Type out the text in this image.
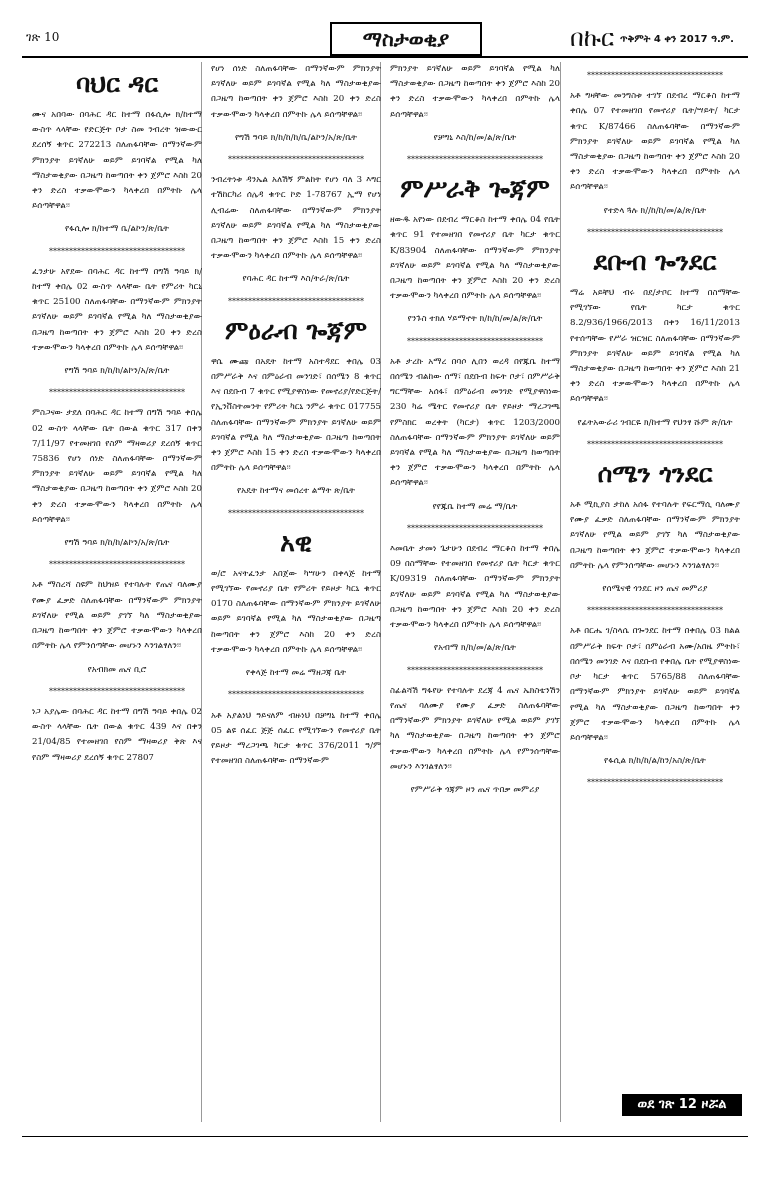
ገጽ 10	ማስታወቂያ	በኩር ጥቅምት 4 ቀን 2017 ዓ.ም.
ባህር ዳር

ሙና አበባው በባሕር ዳር ከተማ በፋሲሎ ክ/ከተማ ውስጥ ላላቸው የድርጅት ቦታ ስመ ንብረት ዝውውር ደረሰኝ ቁጥር 272213 ስለጠፋባቸው በማንኛውም ምክንያት ይገኛለሁ ወይም ይገባኛል የሚል ካለ ማስታወቂያው በጋዜጣ ከወጣበት ቀን ጀምሮ እስከ 20 ቀን ድረስ ተቃውሞውን ካላቀረበ በምትኩ ሌላ ይሰጣቸዋል፡፡

የፋሲሎ ክ/ከተማ ቤ/ልኮን/ጽ/ቤት
**********************************

ፈንታሁ አየደው በባሕር ዳር ከተማ በግሽ ዓባይ ክ/ከተማ ቀበሌ 02 ውስጥ ላላቸው ቤት የምሪት ካርኒ ቁጥር 25100 ስለጠፋባቸው በማንኛውም ምክንያት ይገኛለሁ ወይም ይገባኛል የሚል ካለ ማስታወቂያው በጋዜጣ ከወጣበት ቀን ጀምሮ እስከ 20 ቀን ድረስ ተቃውሞውን ካላቀረበ በምትኩ ሌላ ይሰጣቸዋል፡፡

የግሽ ዓባይ ክ/ከ/ከ/ልኮን/አ/ጽ/ቤት
**********************************

ምስጋናው ታደለ በባሕር ዳር ከተማ በግሽ ዓባይ ቀበሌ 02 ውስጥ ላላቸው ቤት በውል ቁጥር 317 በቀን 7/11/97 የተመዘገበ የስም ማዛወሪያ ደረሰኝ ቁጥር 75836 የሆነ ሰነድ ስለጠፋባቸው በማንኛውም ምክንያት ይገኛለሁ ወይም ይገባኛል የሚል ካለ ማስታወቂያው በጋዜጣ ከወጣበት ቀን ጀምሮ እስከ 20 ቀን ድረስ ተቃውሞውን ካላቀረበ በምትኩ ሌላ ይሰጣቸዋል፡፡

የግሽ ዓባይ ክ/ከ/ከ/ልኮን/አ/ጽ/ቤት
**********************************

አቶ ማስረሻ ስዩም ከህዝይ የተባሉት የጤና ባለሙያ የሙያ ፈቃድ ስለጠፋባቸው በማንኛውም ምክንያት ይገኛለሁ የሚል ወይም ያገኘ ካለ ማስታወቂያው በጋዜጣ ከወጣበት ቀን ጀምሮ ተቃውሞውን ካላቀረበ በምትኩ ሌላ የምንሰጣቸው መሆኑን እንገልፃለን፡፡

የአብክመ ጤና ቢሮ
**********************************

ነጋ አያሌው በባሕር ዳር ከተማ በግሽ ዓባይ ቀበሌ 02 ውስጥ ላላቸው ቤት በውል ቁጥር 439 እና በቀን 21/04/85 የተመዘገበ የስም ማዛወሪያ ቅጽ እና የስም ማዛወሪያ ደረሰኝ ቁጥር 27807

የሆነ ሰነድ ስለጠፋባቸው በማንኛውም ምክንያት ይገኛለሁ ወይም ይገባኛል የሚል ካለ ማስታወቂያው በጋዜጣ ከወጣበት ቀን ጀምሮ እስከ 20 ቀን ድረስ ተቃውሞውን ካላቀረበ በምትኩ ሌላ ይሰጣቸዋል፡፡

የግሽ ዓባይ ክ/ከ/ከ/ከ/ቤ/ልኮን/አ/ጽ/ቤት
**********************************

ንብረትነቱ ዳንኤል አለሽኝ ምልከት የሆነ ባለ 3 እግር ተሽከርካሪ ሰሌዳ ቁጥር ኮድ 1-78767 ኢማ የሆነ ሊብሬው ስለጠፋባቸው በማንኛውም ምክንያት ይገኛለሁ ወይም ይገባኛል የሚል ካለ ማስታወቂያው በጋዜጣ ከወጣበት ቀን ጀምሮ እስከ 15 ቀን ድረስ ተቃውሞውን ካላቀረበ በምትኩ ሌላ ይሰጣቸዋል፡፡

የባሕር ዳር ከተማ እስ/ትራ/ጽ/ቤት
**********************************
ምዕራብ ጐጃም

ዋሴ ሙጩ በአዴት ከተማ አስተዳደር ቀበሌ 03 በምሥራቅ እና በምዕራብ መንገድ፣ በሰሜን 8 ቁጥር እና በደቡብ 7 ቁጥር የሚያዋስነው የመኖሪያ/የድርጅት/የኢንቨስትመንት የምሪት ካርኒ ንምራ ቁጥር 017755 ስለጠፋባቸው በማንኛውም ምክንያት ይገኛለሁ ወይም ይገባኛል የሚል ካለ ማስታወቂያው በጋዜጣ ከወጣበት ቀን ጀምሮ እስከ 15 ቀን ድረስ ተቃውሞውን ካላቀረበ በምትኩ ሌላ ይሰጣቸዋል፡፡

የአዴት ከተማና መሰረተ ልማት ጽ/ቤት
**********************************
አዊ

ወ/ሮ አናትፈንታ አበጀው ካሣሁን በቀላጅ ከተማ የሚገኘው የመኖሪያ ቤት የምሪት የይዞታ ካርኒ ቁጥር 0170 ስለጠፋባቸው በማንኛውም ምክንያት ይገኛለሁ ወይም ይገባኛል የሚል ካለ ማስታወቂያው በጋዜጣ ከወጣበት ቀን ጀምሮ እስከ 20 ቀን ድረስ ተቃውሞውን ካላቀረበ በምትኩ ሌላ ይሰጣቸዋል፡፡

የቀላጅ ከተማ መሬ ማዘጋጃ ቤት
**********************************

አቶ አያልነህ ዓይናለም ብዙነህ በቻግኒ ከተማ ቀበሌ 05 ልዩ ሰፈር ጅጅ ሰፈር የሚገኘውን የመኖሪያ ቤት የይዞታ ማረጋገጫ ካርታ ቁጥር 376/2011 ዓ/ም የተመዘገበ ስለጠፋባቸው በማንኛውም

ምክንያት ይገኛለሁ ወይም ይገባኛል የሚል ካለ ማስታወቂያው በጋዜጣ ከወጣበት ቀን ጀምሮ እስከ 20 ቀን ድረስ ተቃውሞውን ካላቀረበ በምትኩ ሌላ ይሰጣቸዋል፡፡

የቻግኒ እስ/ከ/መ/ል/ጽ/ቤት
**********************************
ምሥራቅ ጐጃም

ዘውዱ አየነው በደብረ ማርቆስ ከተማ ቀበሌ 04 የቤት ቁጥር 91 የተመዘገበ የመኖሪያ ቤት ካርታ ቁጥር K/83904 ስለጠፋባቸው በማንኛውም ምክንያት ይገኛለሁ ወይም ይገባኛል የሚል ካለ ማስታወቂያው በጋዜጣ ከወጣበት ቀን ጀምሮ እስከ 20 ቀን ድረስ ተቃውሞውን ካላቀረበ በምትኩ ሌላ ይሰጣቸዋል፡፡

የንጉስ ተክለ ሃይማኖት ክ/ከ/ከ/መ/ል/ጽ/ቤት
**********************************

አቶ ታረኩ አማረ በባሶ ሊበን ወረዳ በየጁቤ ከተማ በሰሜን ብልከው ሰማ፣ በደቡብ ከፍት ቦታ፣ በምሥራቅ ግርማቸው አሰፋ፣ በምዕራብ መንገድ የሚያዋስነው 230 ካሬ ሜትር የመኖሪያ ቤት የይዞታ ማረጋገጫ የምስክር ወረቀት (ካርታ) ቁጥር 1203/2000 ስለጠፋባቸው በማንኛውም ምክንያት ይገኛለሁ ወይም ይገባኛል የሚል ካለ ማስታወቂያው በጋዜጣ ከወጣበት ቀን ጀምሮ ተቃውሞውን ካላቀረበ በምትኩ ሌላ ይሰጣቸዋል፡፡

የየጁቤ ከተማ መሬ ማ/ቤት
**********************************

እመቤት ታመነ ጌታሁን በደብረ ማርቆስ ከተማ ቀበሌ 09 በስማቸው የተመዘገበ የመኖሪያ ቤት ካርታ ቁጥር K/09319 ስለጠፋባቸው በማንኛውም ምክንያት ይገኛለሁ ወይም ይገባኛል የሚል ካለ ማስታወቂያው በጋዜጣ ከወጣበት ቀን ጀምሮ እስከ 20 ቀን ድረስ ተቃውሞውን ካላቀረበ በምትኩ ሌላ ይሰጣቸዋል፡፡

የአብማ ክ/ከ/መ/ል/ጽ/ቤት
**********************************

ስፊልሻሽ ግፋየሁ የተባሉት ደረጃ 4 ጤና ኤክስቴንሽን የጤና ባለሙያ የሙያ ፈቃድ ስለጠፋባቸው በማንኛውም ምክንያት ይገኛለሁ የሚል ወይም ያገኘ ካለ ማስታወቂያው በጋዜጣ ከወጣበት ቀን ጀምሮ ተቃውሞውን ካላቀረበ በምትኩ ሌላ የምንሰጣቸው መሆኑን እንገልፃለን፡፡

የምሥራቅ ጎጃም ዞን ጤና ጥበቃ መምሪያ
**********************************

አቶ ግዛቸው መንግስቱ ተገኘ በደብረ ማርቆስ ከተማ ቀበሌ 07 የተመዘገበ የመኖሪያ ቤት/ሣይት/ ካርታ ቁጥር K/87466 ስለጠፋባቸው በማንኛውም ምክንያት ይገኛለሁ ወይም ይገባኛል የሚል ካለ ማስታወቂያው በጋዜጣ ከወጣበት ቀን ጀምሮ እስከ 20 ቀን ድረስ ተቃውሞውን ካላቀረበ በምትኩ ሌላ ይሰጣቸዋል፡፡

የተድላ ጓሉ ክ//ከ/ከ/መ/ል/ጽ/ቤት
**********************************
ደቡብ ጐንደር

ማሬ አይቸህ ብሩ በደ/ታቦር ከተማ በስማቸው የሚገኘው የቤት ካርታ ቁጥር 8.2/936/1966/2013 በቀን 16/11/2013 የተሰጣቸው የሥራ ዝርዝር ስለጠፋባቸው በማንኛውም ምክንያት ይገኛለሁ ወይም ይገባኛል የሚል ካለ ማስታወቂያው በጋዜጣ ከወጣበት ቀን ጀምሮ እስከ 21 ቀን ድረስ ተቃውሞውን ካላቀረበ በምትኩ ሌላ ይሰጣቸዋል፡፡

የፊትአውራሪ ገብርዬ ክ/ከተማ የህንፃ ሹም ጽ/ቤት
**********************************
ሰሜን ጎንደር

አቶ ሚኪያስ ታከለ አሰፋ የተባሉት የፍርማሲ ባለሙያ የሙያ ፈቃድ ስለጠፋባቸው በማንኛውም ምክንያት ይገኛለሁ የሚል ወይም ያገኘ ካለ ማስታወቂያው በጋዜጣ ከወጣበት ቀን ጀምሮ ተቃውሞውን ካላቀረበ በምትኩ ሌላ የምንሰጣቸው መሆኑን እንገልፃለን፡፡

የሰሜናዊ ጎንደር ዞን ጤና መምሪያ
**********************************

አቶ በርሔ ገ/ስላሴ በጐንደር ከተማ በቀበሌ 03 ክልል በምሥራቅ ክፍት ቦታ፣ በምዕራብ አሙ/አበዜ ምትኩ፣ በሰሜን መንገድ እና በደቡብ የቀበሌ ቤት የሚያዋስነው ቦታ ካርታ ቁጥር 5765/88 ስለጠፋባቸው በማንኛውም ምክንያት ይገኛለሁ ወይም ይገባኛል የሚል ካለ ማስታወቂያው በጋዜጣ ከወጣበት ቀን ጀምሮ ተቃውሞውን ካላቀረበ በምትኩ ሌላ ይሰጣቸዋል፡፡

የፋሲል ክ/ከ/ከ/ል/ከን/አስ/ጽ/ቤት
**********************************
ወደ ገጽ 12 ዞሯል
